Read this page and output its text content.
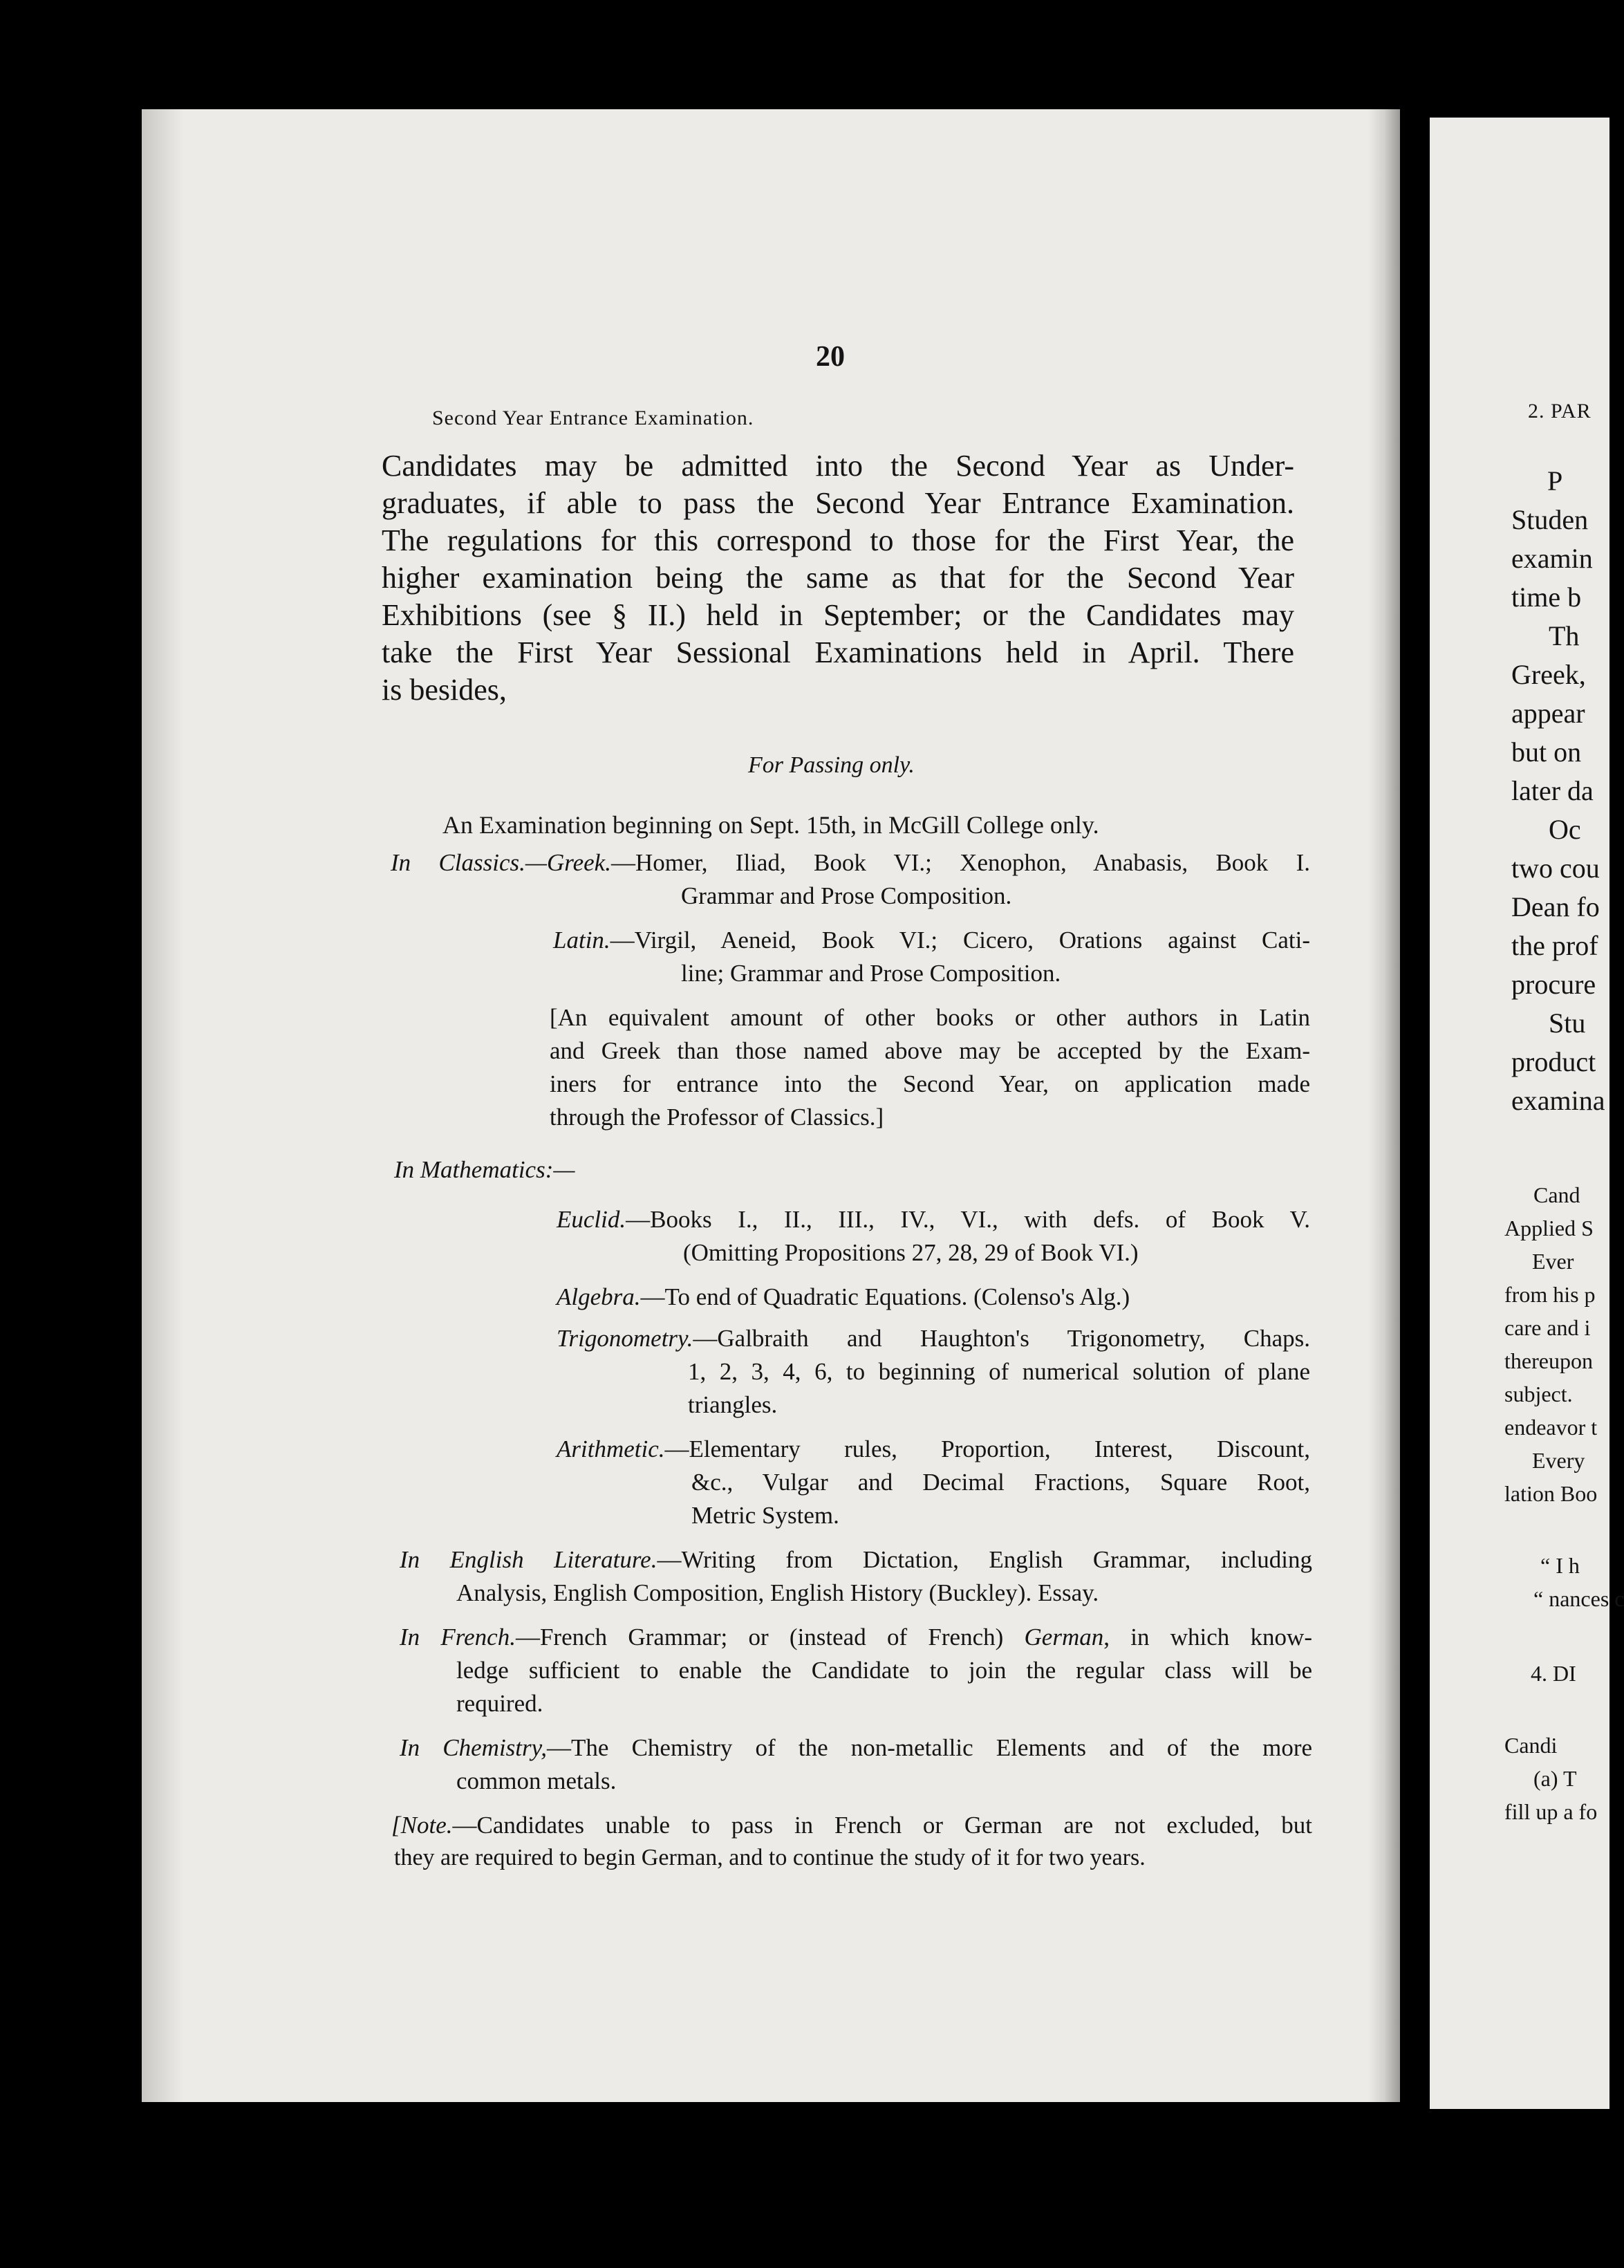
20
Second Year Entrance Examination.
Candidates may be admitted into the Second Year as Under-
graduates, if able to pass the Second Year Entrance Examination.
The regulations for this correspond to those for the First Year, the
higher examination being the same as that for the Second Year
Exhibitions (see § II.) held in September; or the Candidates may
take the First Year Sessional Examinations held in April. There
is besides,
For Passing only.
An Examination beginning on Sept. 15th, in McGill College only.
In Classics.—Greek.—Homer, Iliad, Book VI.; Xenophon, Anabasis, Book I.
Grammar and Prose Composition.
Latin.—Virgil, Aeneid, Book VI.; Cicero, Orations against Cati-
line; Grammar and Prose Composition.
[An equivalent amount of other books or other authors in Latin
and Greek than those named above may be accepted by the Exam-
iners for entrance into the Second Year, on application made
through the Professor of Classics.]
In Mathematics:—
Euclid.—Books I., II., III., IV., VI., with defs. of Book V.
(Omitting Propositions 27, 28, 29 of Book VI.)
Algebra.—To end of Quadratic Equations. (Colenso's Alg.)
Trigonometry.—Galbraith and Haughton's Trigonometry, Chaps.
1, 2, 3, 4, 6, to beginning of numerical solution of plane
triangles.
Arithmetic.—Elementary rules, Proportion, Interest, Discount,
&c., Vulgar and Decimal Fractions, Square Root,
Metric System.
In English Literature.—Writing from Dictation, English Grammar, including
Analysis, English Composition, English History (Buckley). Essay.
In French.—French Grammar; or (instead of French) German, in which know-
ledge sufficient to enable the Candidate to join the regular class will be
required.
In Chemistry,—The Chemistry of the non-metallic Elements and of the more
common metals.
[Note.—Candidates unable to pass in French or German are not excluded, but
they are required to begin German, and to continue the study of it for two years.
2. PAR
P
Studen
examin
time b
Th
Greek,
appear
but on
later da
Oc
two cou
Dean fo
the prof
procure
Stu
product
examina
Cand
Applied S
Ever
from his p
care and i
thereupon
subject.
endeavor t
Every
lation Boo
“ I h
“ nances c
4. DI
Candi
(a) T
fill up a fo
